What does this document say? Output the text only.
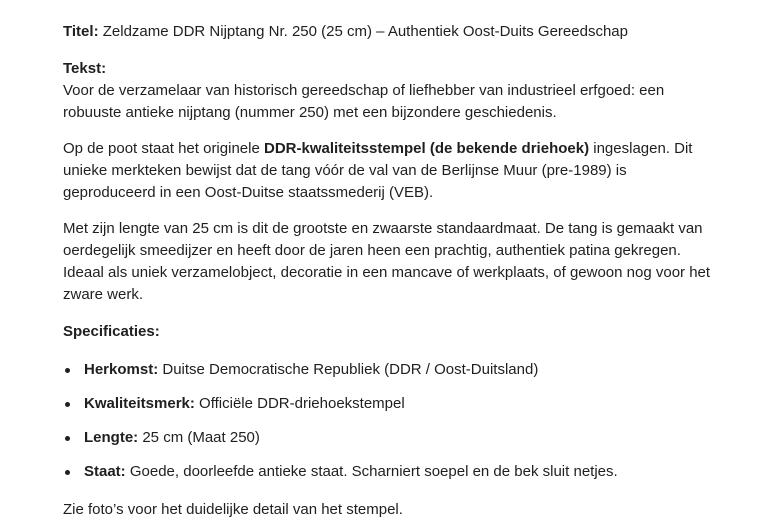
Titel: Zeldzame DDR Nijptang Nr. 250 (25 cm) – Authentiek Oost-Duits Gereedschap

Tekst:

Voor de verzamelaar van historisch gereedschap of liefhebber van industrieel erfgoed: een robuuste antieke nijptang (nummer 250) met een bijzondere geschiedenis.

Op de poot staat het originele DDR-kwaliteitsstempel (de bekende driehoek) ingeslagen. Dit unieke merkteken bewijst dat de tang vóór de val van de Berlijnse Muur (pre-1989) is geproduceerd in een Oost-Duitse staatssmederij (VEB).

Met zijn lengte van 25 cm is dit de grootste en zwaarste standaardmaat. De tang is gemaakt van oerdegelijk smeedijzer en heeft door de jaren heen een prachtig, authentiek patina gekregen. Ideaal als uniek verzamelobject, decoratie in een mancave of werkplaats, of gewoon nog voor het zware werk.

Specificaties:

Herkomst: Duitse Democratische Republiek (DDR / Oost-Duitsland)
Kwaliteitsmerk: Officiële DDR-driehoekstempel
Lengte: 25 cm (Maat 250)
Staat: Goede, doorleefde antieke staat. Scharniert soepel en de bek sluit netjes.

Zie foto’s voor het duidelijke detail van het stempel.
